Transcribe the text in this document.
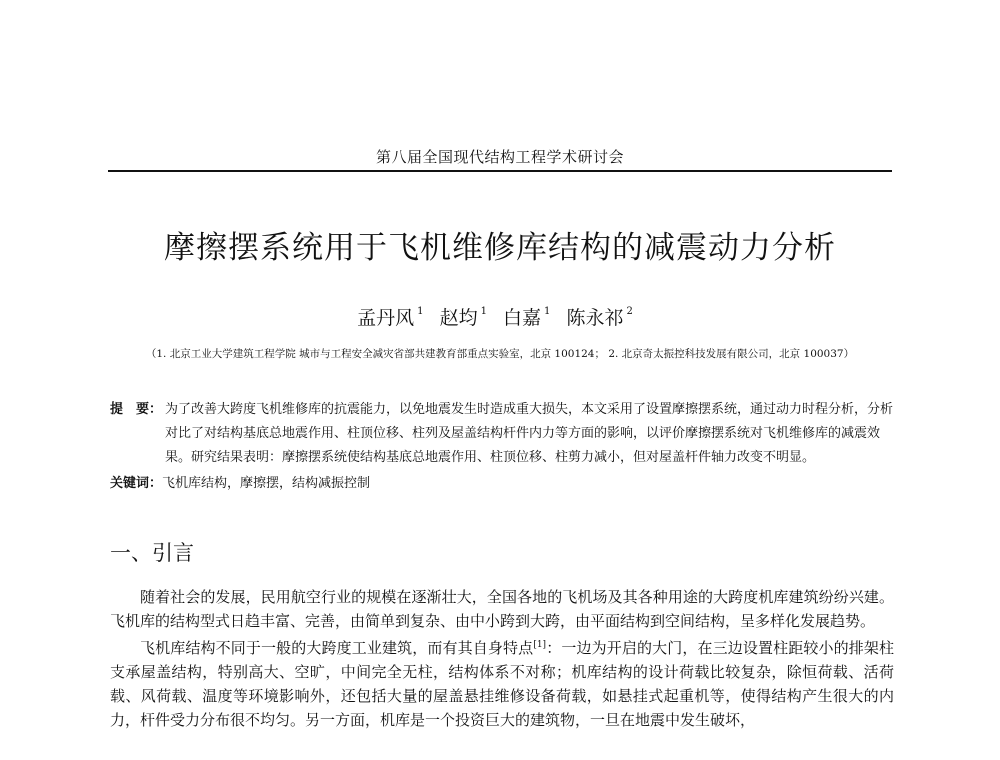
第八届全国现代结构工程学术研讨会
摩擦摆系统用于飞机维修库结构的减震动力分析
孟丹风 $^1$ 赵均 $^1$ 白嘉 $^1$ 陈永祁 $^2$
（1. 北京工业大学建筑工程学院 城市与工程安全减灾省部共建教育部重点实验室，北京 100124； 2. 北京奇太振控科技发展有限公司，北京 100037）
提　要： 为了改善大跨度飞机维修库的抗震能力，以免地震发生时造成重大损失，本文采用了设置摩擦摆系统，通过动力时程分析，分析对比了对结构基底总地震作用、柱顶位移、柱列及屋盖结构杆件内力等方面的影响，以评价摩擦摆系统对飞机维修库的减震效果。研究结果表明：摩擦摆系统使结构基底总地震作用、柱顶位移、柱剪力减小，但对屋盖杆件轴力改变不明显。
关键词：飞机库结构，摩擦摆，结构减振控制
一、引言

随着社会的发展，民用航空行业的规模在逐渐壮大，全国各地的飞机场及其各种用途的大跨度机库建筑纷纷兴建。飞机库的结构型式日趋丰富、完善，由简单到复杂、由中小跨到大跨，由平面结构到空间结构，呈多样化发展趋势。

飞机库结构不同于一般的大跨度工业建筑，而有其自身特点[1]：一边为开启的大门，在三边设置柱距较小的排架柱支承屋盖结构，特别高大、空旷，中间完全无柱，结构体系不对称；机库结构的设计荷载比较复杂，除恒荷载、活荷载、风荷载、温度等环境影响外，还包括大量的屋盖悬挂维修设备荷载，如悬挂式起重机等，使得结构产生很大的内力，杆件受力分布很不均匀。另一方面，机库是一个投资巨大的建筑物，一旦在地震中发生破坏，
